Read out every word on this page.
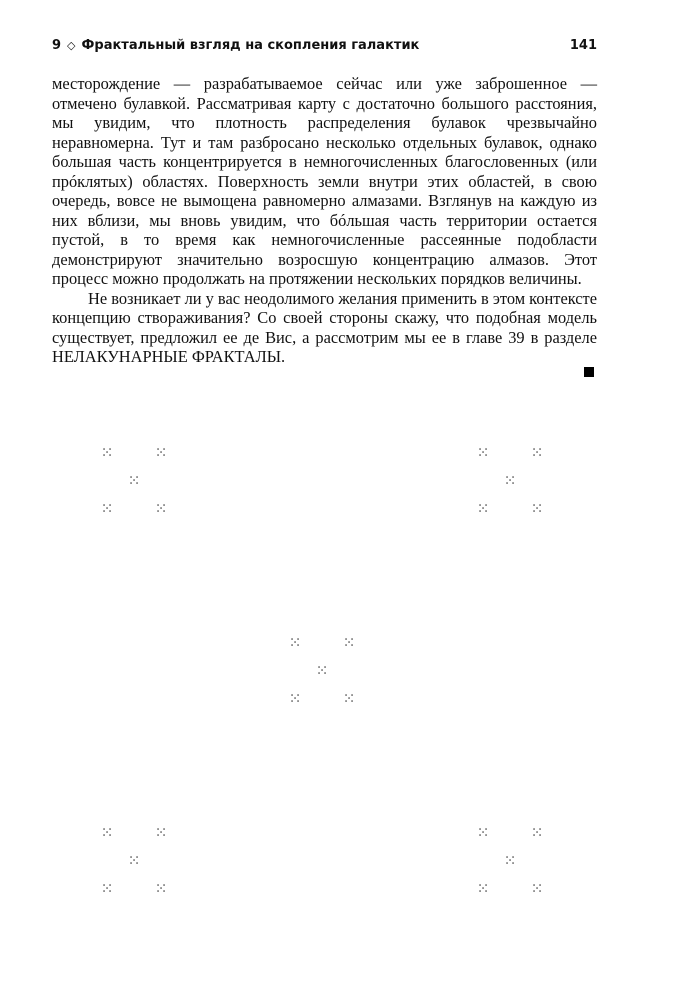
9 ◇ Фрактальный взгляд на скопления галактик	141

месторождение — разрабатываемое сейчас или уже заброшенное — отмечено булавкой. Рассматривая карту с достаточно большого расстояния, мы увидим, что плотность распределения булавок чрезвычайно неравномерна. Тут и там разбросано несколько отдельных булавок, однако большая часть концентрируется в немногочисленных благословенных (или прóклятых) областях. Поверхность земли внутри этих областей, в свою очередь, вовсе не вымощена равномерно алмазами. Взглянув на каждую из них вблизи, мы вновь увидим, что бóльшая часть территории остается пустой, в то время как немногочисленные рассеянные подобласти демонстрируют значительно возросшую концентрацию алмазов. Этот процесс можно продолжать на протяжении нескольких порядков величины.

Не возникает ли у вас неодолимого желания применить в этом контексте концепцию створаживания? Со своей стороны скажу, что подобная модель существует, предложил ее де Вис, а рассмотрим мы ее в главе 39 в разделе НЕЛАКУНАРНЫЕ ФРАКТАЛЫ.
